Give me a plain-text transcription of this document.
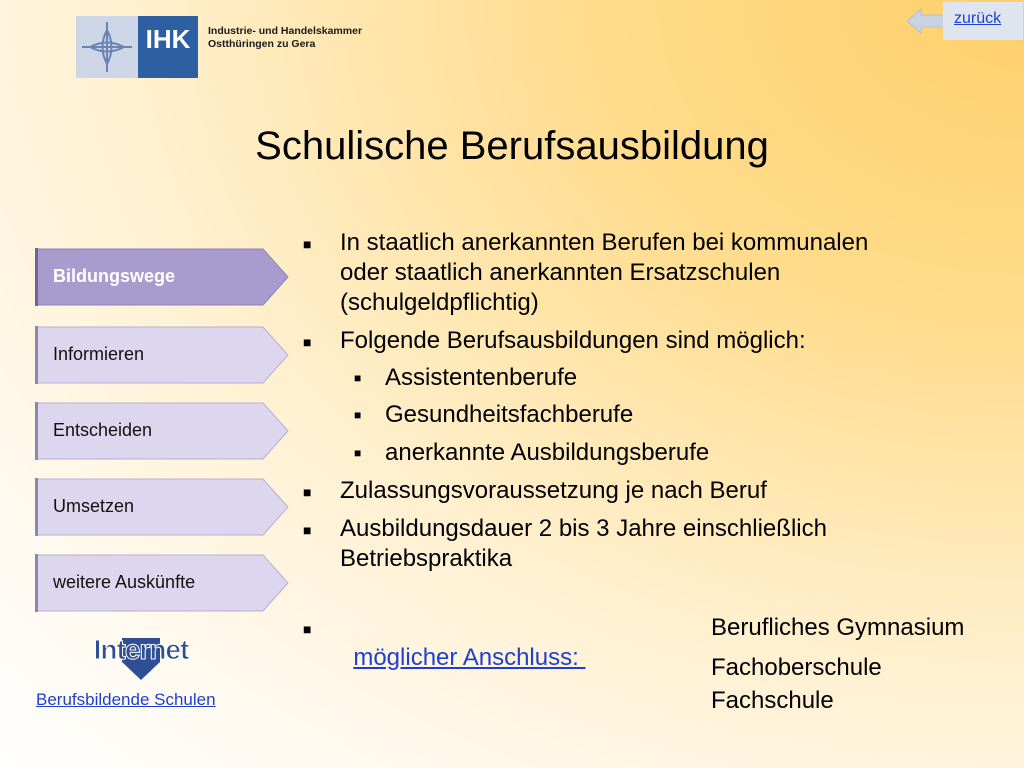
IHK	Industrie- und Handelskammer
Ostthüringen zu Gera
zurück
Schulische Berufsausbildung
Bildungswege
Informieren
Entscheiden
Umsetzen
weitere Auskünfte
Internet
Berufsbildende Schulen
■ In staatlich anerkannten Berufen bei kommunalen
oder staatlich anerkannten Ersatzschulen
(schulgeldpflichtig)
■ Folgende Berufsausbildungen sind möglich:
■ Assistentenberufe
■ Gesundheitsfachberufe
■ anerkannte Ausbildungsberufe
■ Zulassungsvoraussetzung je nach Beruf
■ Ausbildungsdauer 2 bis 3 Jahre einschließlich
Betriebspraktika
■

möglicher Anschluss:

Berufliches Gymnasium
Fachoberschule
Fachschule
